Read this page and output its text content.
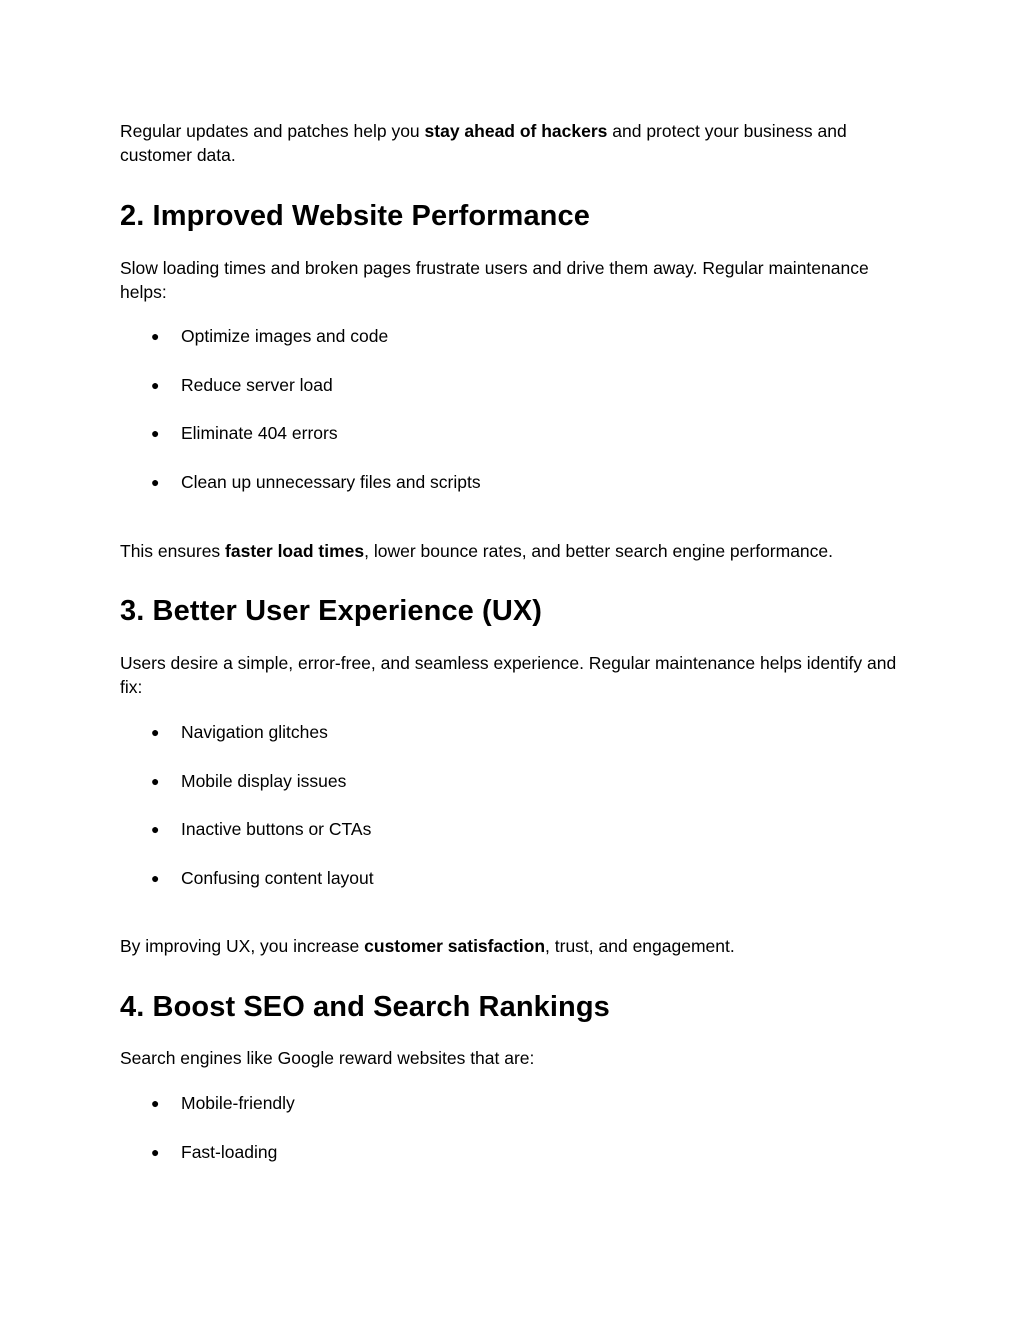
Regular updates and patches help you stay ahead of hackers and protect your business and customer data.

2. Improved Website Performance

Slow loading times and broken pages frustrate users and drive them away. Regular maintenance helps:

● Optimize images and code
● Reduce server load
● Eliminate 404 errors
● Clean up unnecessary files and scripts

This ensures faster load times, lower bounce rates, and better search engine performance.

3. Better User Experience (UX)

Users desire a simple, error-free, and seamless experience. Regular maintenance helps identify and fix:

● Navigation glitches
● Mobile display issues
● Inactive buttons or CTAs
● Confusing content layout

By improving UX, you increase customer satisfaction, trust, and engagement.

4. Boost SEO and Search Rankings

Search engines like Google reward websites that are:

● Mobile-friendly
● Fast-loading
